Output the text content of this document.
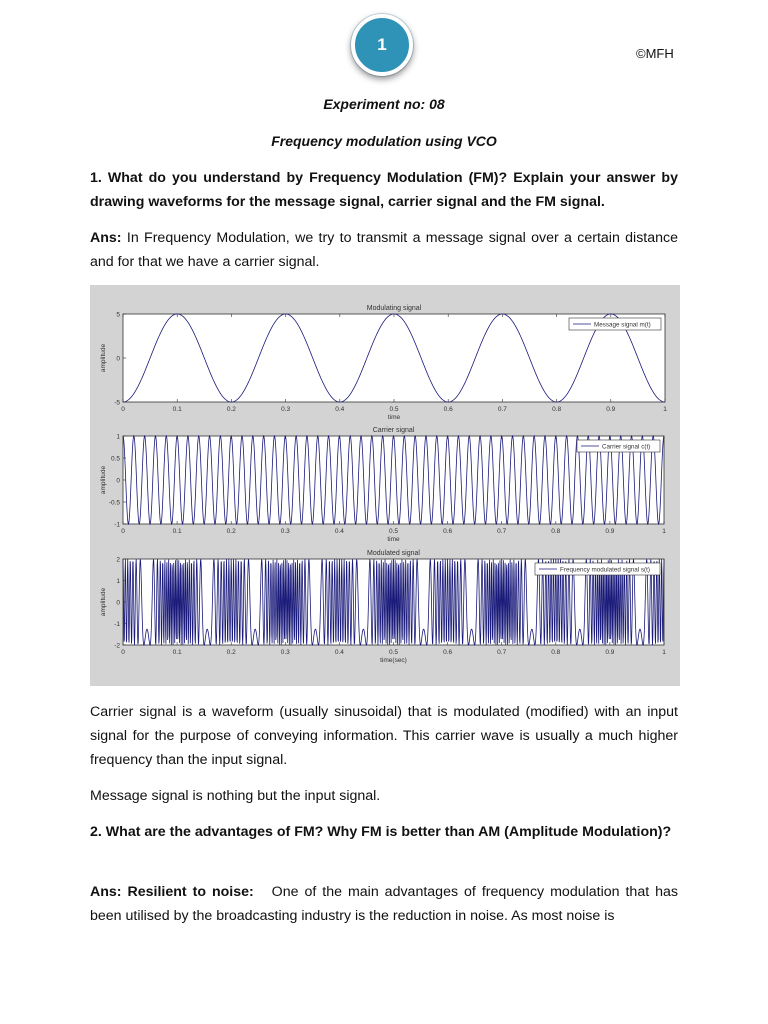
1	©MFH
Experiment no: 08
Frequency modulation using VCO
1. What do you understand by Frequency Modulation (FM)? Explain your answer by drawing waveforms for the message signal, carrier signal and the FM signal.
Ans: In Frequency Modulation, we try to transmit a message signal over a certain distance and for that we have a carrier signal.
Modulating signal
0	0.1	0.2	0.3	0.4	0.5	0.6	0.7	0.8	0.9	1
-5
0
5
time
amplitude
Message signal m(t)
Carrier signal
0	0.1	0.2	0.3	0.4	0.5	0.6	0.7	0.8	0.9	1
-1
-0.5
0
0.5
1
time
amplitude
Carrier signal c(t)
Modulated signal
0	0.1	0.2	0.3	0.4	0.5	0.6	0.7	0.8	0.9	1
-2
-1
0
1
2
time(sec)
amplitude
Frequency modulated signal s(t)
Carrier signal is a waveform (usually sinusoidal) that is modulated (modified) with an input signal for the purpose of conveying information. This carrier wave is usually a much higher frequency than the input signal.
Message signal is nothing but the input signal.
2. What are the advantages of FM? Why FM is better than AM (Amplitude Modulation)?
Ans: Resilient to noise: One of the main advantages of frequency modulation that has been utilised by the broadcasting industry is the reduction in noise. As most noise is
